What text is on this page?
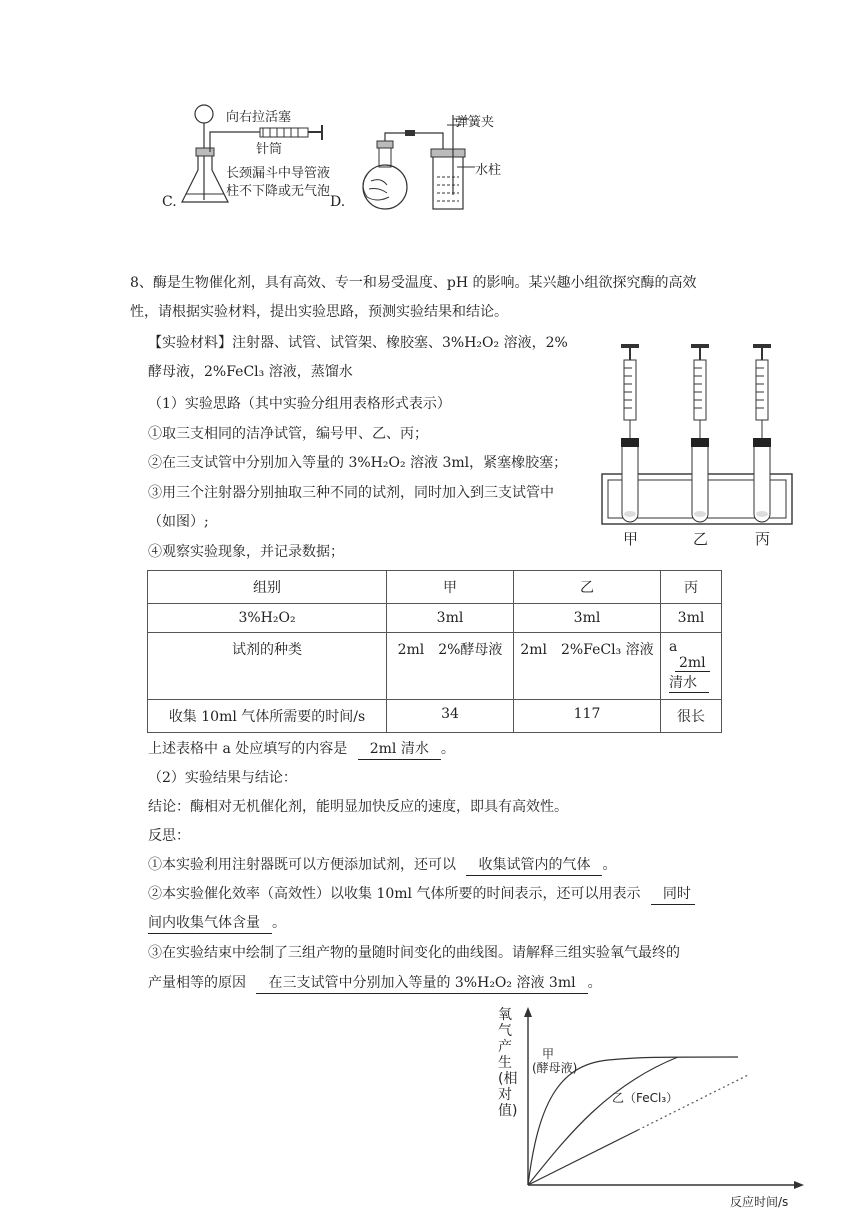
向右拉活塞
针筒
长颈漏斗中导管液
柱不下降或无气泡
C.
弹簧夹
水柱
D.
8、酶是生物催化剂，具有高效、专一和易受温度、pH 的影响。某兴趣小组欲探究酶的高效
性，请根据实验材料，提出实验思路，预测实验结果和结论。
【实验材料】注射器、试管、试管架、橡胶塞、3%H₂O₂ 溶液，2%
酵母液，2%FeCl₃ 溶液，蒸馏水
（1）实验思路（其中实验分组用表格形式表示）
①取三支相同的洁净试管，编号甲、乙、丙；
②在三支试管中分别加入等量的 3%H₂O₂ 溶液 3ml，紧塞橡胶塞；
③用三个注射器分别抽取三种不同的试剂，同时加入到三支试管中
（如图）;
④观察实验现象，并记录数据；
甲	乙	丙
组别	甲	乙	丙
3%H₂O₂	3ml	3ml	3ml
试剂的种类	2ml　2%酵母液	2ml　2%FeCl₃ 溶液	a 2ml
清水
收集 10ml 气体所需要的时间/s	34	117	很长
上述表格中 a 处应填写的内容是 2ml 清水 。
（2）实验结果与结论：
结论：酶相对无机催化剂，能明显加快反应的速度，即具有高效性。
反思：
①本实验利用注射器既可以方便添加试剂，还可以 收集试管内的气体 。
②本实验催化效率（高效性）以收集 10ml 气体所要的时间表示，还可以用表示 同时
间内收集气体含量 。
③在实验结束中绘制了三组产物的量随时间变化的曲线图。请解释三组实验氧气最终的
产量相等的原因 在三支试管中分别加入等量的 3%H₂O₂ 溶液 3ml 。
氧气产生(相对值)
甲
(酵母液)
乙（FeCl₃）
反应时间/s
